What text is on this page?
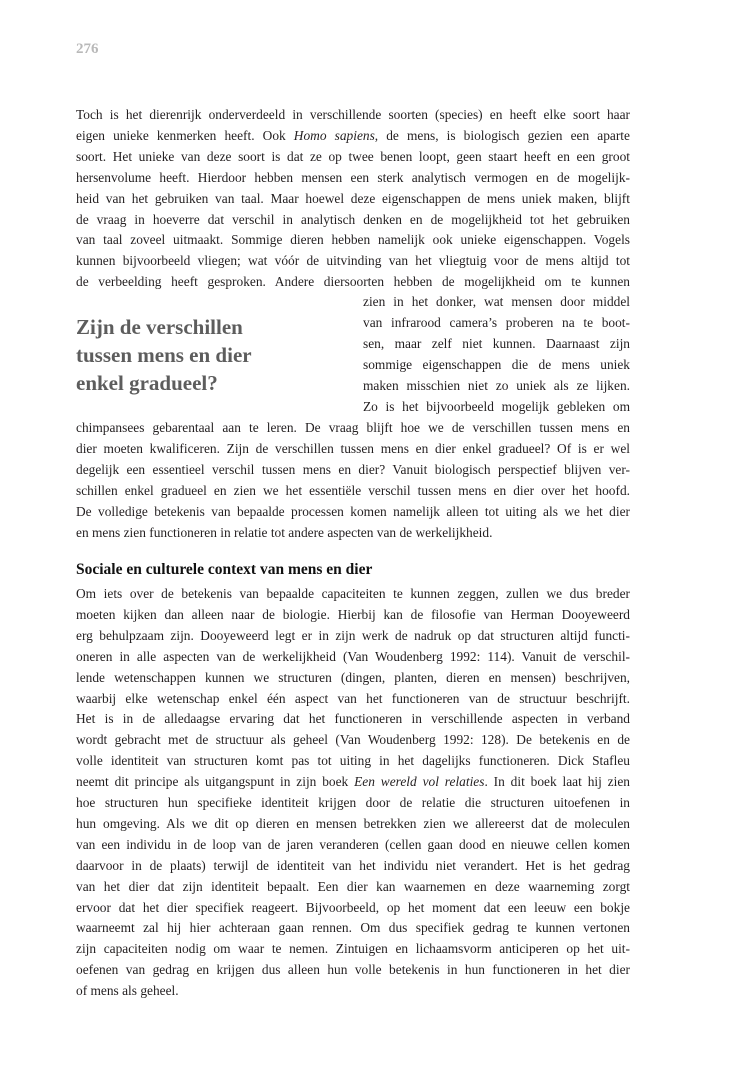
276
Toch is het dierenrijk onderverdeeld in verschillende soorten (species) en heeft elke soort haar
eigen unieke kenmerken heeft. Ook Homo sapiens, de mens, is biologisch gezien een aparte
soort. Het unieke van deze soort is dat ze op twee benen loopt, geen staart heeft en een groot
hersenvolume heeft. Hierdoor hebben mensen een sterk analytisch vermogen en de mogelijk-
heid van het gebruiken van taal. Maar hoewel deze eigenschappen de mens uniek maken, blijft
de vraag in hoeverre dat verschil in analytisch denken en de mogelijkheid tot het gebruiken
van taal zoveel uitmaakt. Sommige dieren hebben namelijk ook unieke eigenschappen. Vogels
kunnen bijvoorbeeld vliegen; wat vóór de uitvinding van het vliegtuig voor de mens altijd tot
de verbeelding heeft gesproken. Andere diersoorten hebben de mogelijkheid om te kunnen
zien in het donker, wat mensen door middel
van infrarood camera’s proberen na te boot-
sen, maar zelf niet kunnen. Daarnaast zijn
sommige eigenschappen die de mens uniek
maken misschien niet zo uniek als ze lijken.
Zo is het bijvoorbeeld mogelijk gebleken om
Zijn de verschillen
tussen mens en dier
enkel gradueel?
chimpansees gebarentaal aan te leren. De vraag blijft hoe we de verschillen tussen mens en
dier moeten kwalificeren. Zijn de verschillen tussen mens en dier enkel gradueel? Of is er wel
degelijk een essentieel verschil tussen mens en dier? Vanuit biologisch perspectief blijven ver-
schillen enkel gradueel en zien we het essentiële verschil tussen mens en dier over het hoofd.
De volledige betekenis van bepaalde processen komen namelijk alleen tot uiting als we het dier
en mens zien functioneren in relatie tot andere aspecten van de werkelijkheid.
Sociale en culturele context van mens en dier
Om iets over de betekenis van bepaalde capaciteiten te kunnen zeggen, zullen we dus breder
moeten kijken dan alleen naar de biologie. Hierbij kan de filosofie van Herman Dooyeweerd
erg behulpzaam zijn. Dooyeweerd legt er in zijn werk de nadruk op dat structuren altijd functi-
oneren in alle aspecten van de werkelijkheid (Van Woudenberg 1992: 114). Vanuit de verschil-
lende wetenschappen kunnen we structuren (dingen, planten, dieren en mensen) beschrijven,
waarbij elke wetenschap enkel één aspect van het functioneren van de structuur beschrijft.
Het is in de alledaagse ervaring dat het functioneren in verschillende aspecten in verband
wordt gebracht met de structuur als geheel (Van Woudenberg 1992: 128). De betekenis en de
volle identiteit van structuren komt pas tot uiting in het dagelijks functioneren. Dick Stafleu
neemt dit principe als uitgangspunt in zijn boek Een wereld vol relaties. In dit boek laat hij zien
hoe structuren hun specifieke identiteit krijgen door de relatie die structuren uitoefenen in
hun omgeving. Als we dit op dieren en mensen betrekken zien we allereerst dat de moleculen
van een individu in de loop van de jaren veranderen (cellen gaan dood en nieuwe cellen komen
daarvoor in de plaats) terwijl de identiteit van het individu niet verandert. Het is het gedrag
van het dier dat zijn identiteit bepaalt. Een dier kan waarnemen en deze waarneming zorgt
ervoor dat het dier specifiek reageert. Bijvoorbeeld, op het moment dat een leeuw een bokje
waarneemt zal hij hier achteraan gaan rennen. Om dus specifiek gedrag te kunnen vertonen
zijn capaciteiten nodig om waar te nemen. Zintuigen en lichaamsvorm anticiperen op het uit-
oefenen van gedrag en krijgen dus alleen hun volle betekenis in hun functioneren in het dier
of mens als geheel.
